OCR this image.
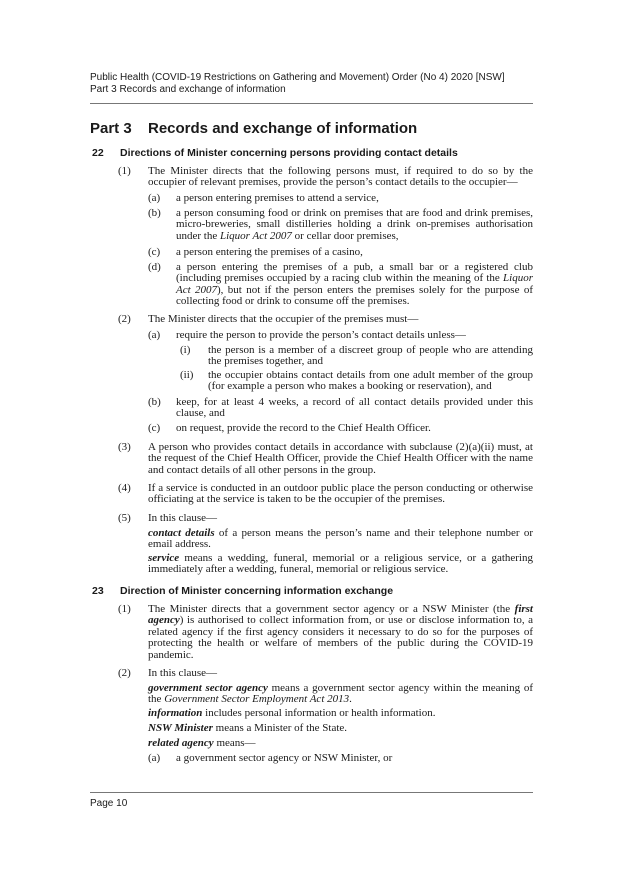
Public Health (COVID-19 Restrictions on Gathering and Movement) Order (No 4) 2020 [NSW]
Part 3 Records and exchange of information
Part 3 Records and exchange of information
22 Directions of Minister concerning persons providing contact details
(1) The Minister directs that the following persons must, if required to do so by the occupier of relevant premises, provide the person’s contact details to the occupier—
(a) a person entering premises to attend a service,
(b) a person consuming food or drink on premises that are food and drink premises, micro-breweries, small distilleries holding a drink on-premises authorisation under the Liquor Act 2007 or cellar door premises,
(c) a person entering the premises of a casino,
(d) a person entering the premises of a pub, a small bar or a registered club (including premises occupied by a racing club within the meaning of the Liquor Act 2007), but not if the person enters the premises solely for the purpose of collecting food or drink to consume off the premises.
(2) The Minister directs that the occupier of the premises must—
(a) require the person to provide the person’s contact details unless—
(i) the person is a member of a discreet group of people who are attending the premises together, and
(ii) the occupier obtains contact details from one adult member of the group (for example a person who makes a booking or reservation), and
(b) keep, for at least 4 weeks, a record of all contact details provided under this clause, and
(c) on request, provide the record to the Chief Health Officer.
(3) A person who provides contact details in accordance with subclause (2)(a)(ii) must, at the request of the Chief Health Officer, provide the Chief Health Officer with the name and contact details of all other persons in the group.
(4) If a service is conducted in an outdoor public place the person conducting or otherwise officiating at the service is taken to be the occupier of the premises.
(5) In this clause—
contact details of a person means the person’s name and their telephone number or email address.
service means a wedding, funeral, memorial or a religious service, or a gathering immediately after a wedding, funeral, memorial or religious service.
23 Direction of Minister concerning information exchange
(1) The Minister directs that a government sector agency or a NSW Minister (the first agency) is authorised to collect information from, or use or disclose information to, a related agency if the first agency considers it necessary to do so for the purposes of protecting the health or welfare of members of the public during the COVID-19 pandemic.
(2) In this clause—
government sector agency means a government sector agency within the meaning of the Government Sector Employment Act 2013.
information includes personal information or health information.
NSW Minister means a Minister of the State.
related agency means—
(a) a government sector agency or NSW Minister, or
Page 10
